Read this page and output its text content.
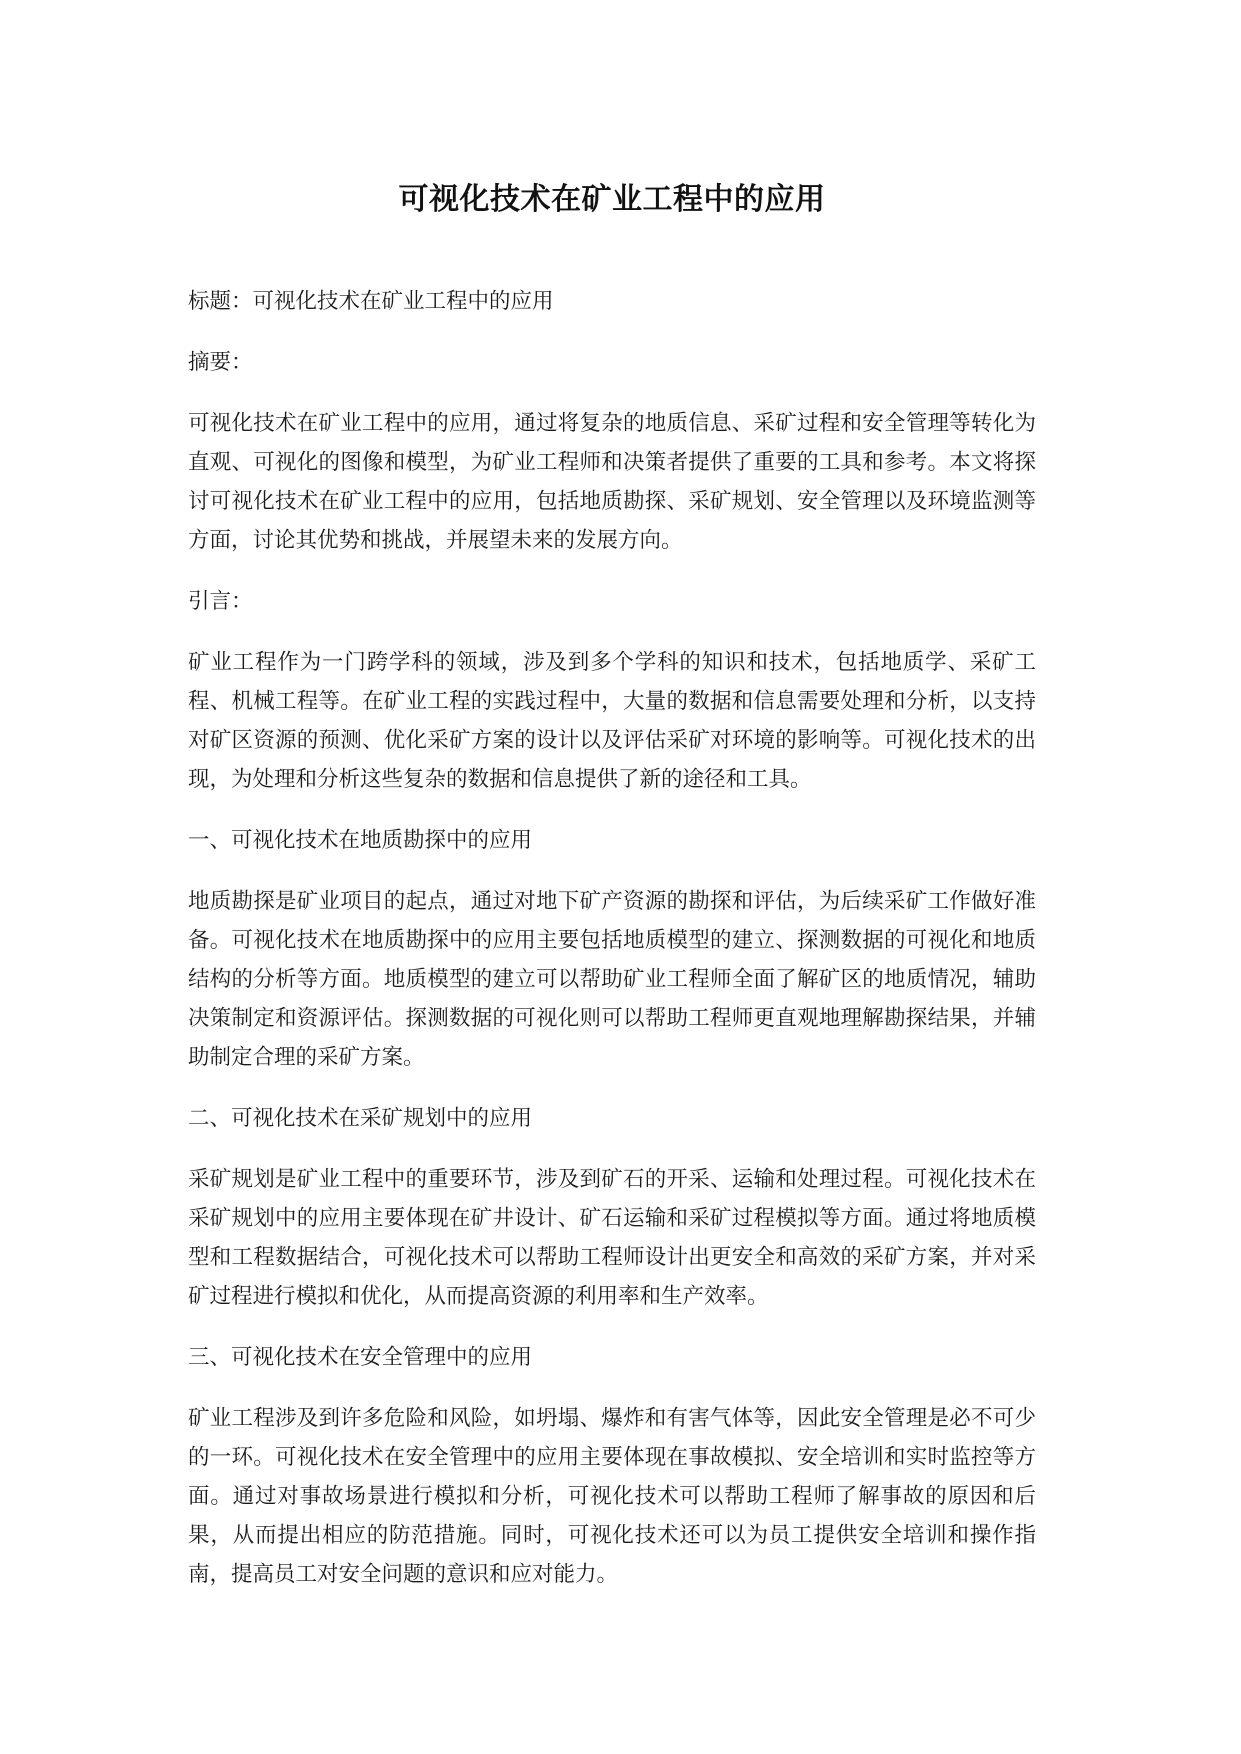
可视化技术在矿业工程中的应用

标题：可视化技术在矿业工程中的应用

摘要：

可视化技术在矿业工程中的应用，通过将复杂的地质信息、采矿过程和安全管理等转化为直观、可视化的图像和模型，为矿业工程师和决策者提供了重要的工具和参考。本文将探讨可视化技术在矿业工程中的应用，包括地质勘探、采矿规划、安全管理以及环境监测等方面，讨论其优势和挑战，并展望未来的发展方向。

引言：

矿业工程作为一门跨学科的领域，涉及到多个学科的知识和技术，包括地质学、采矿工程、机械工程等。在矿业工程的实践过程中，大量的数据和信息需要处理和分析，以支持对矿区资源的预测、优化采矿方案的设计以及评估采矿对环境的影响等。可视化技术的出现，为处理和分析这些复杂的数据和信息提供了新的途径和工具。

一、可视化技术在地质勘探中的应用

地质勘探是矿业项目的起点，通过对地下矿产资源的勘探和评估，为后续采矿工作做好准备。可视化技术在地质勘探中的应用主要包括地质模型的建立、探测数据的可视化和地质结构的分析等方面。地质模型的建立可以帮助矿业工程师全面了解矿区的地质情况，辅助决策制定和资源评估。探测数据的可视化则可以帮助工程师更直观地理解勘探结果，并辅助制定合理的采矿方案。

二、可视化技术在采矿规划中的应用

采矿规划是矿业工程中的重要环节，涉及到矿石的开采、运输和处理过程。可视化技术在采矿规划中的应用主要体现在矿井设计、矿石运输和采矿过程模拟等方面。通过将地质模型和工程数据结合，可视化技术可以帮助工程师设计出更安全和高效的采矿方案，并对采矿过程进行模拟和优化，从而提高资源的利用率和生产效率。

三、可视化技术在安全管理中的应用

矿业工程涉及到许多危险和风险，如坍塌、爆炸和有害气体等，因此安全管理是必不可少的一环。可视化技术在安全管理中的应用主要体现在事故模拟、安全培训和实时监控等方面。通过对事故场景进行模拟和分析，可视化技术可以帮助工程师了解事故的原因和后果，从而提出相应的防范措施。同时，可视化技术还可以为员工提供安全培训和操作指南，提高员工对安全问题的意识和应对能力。
